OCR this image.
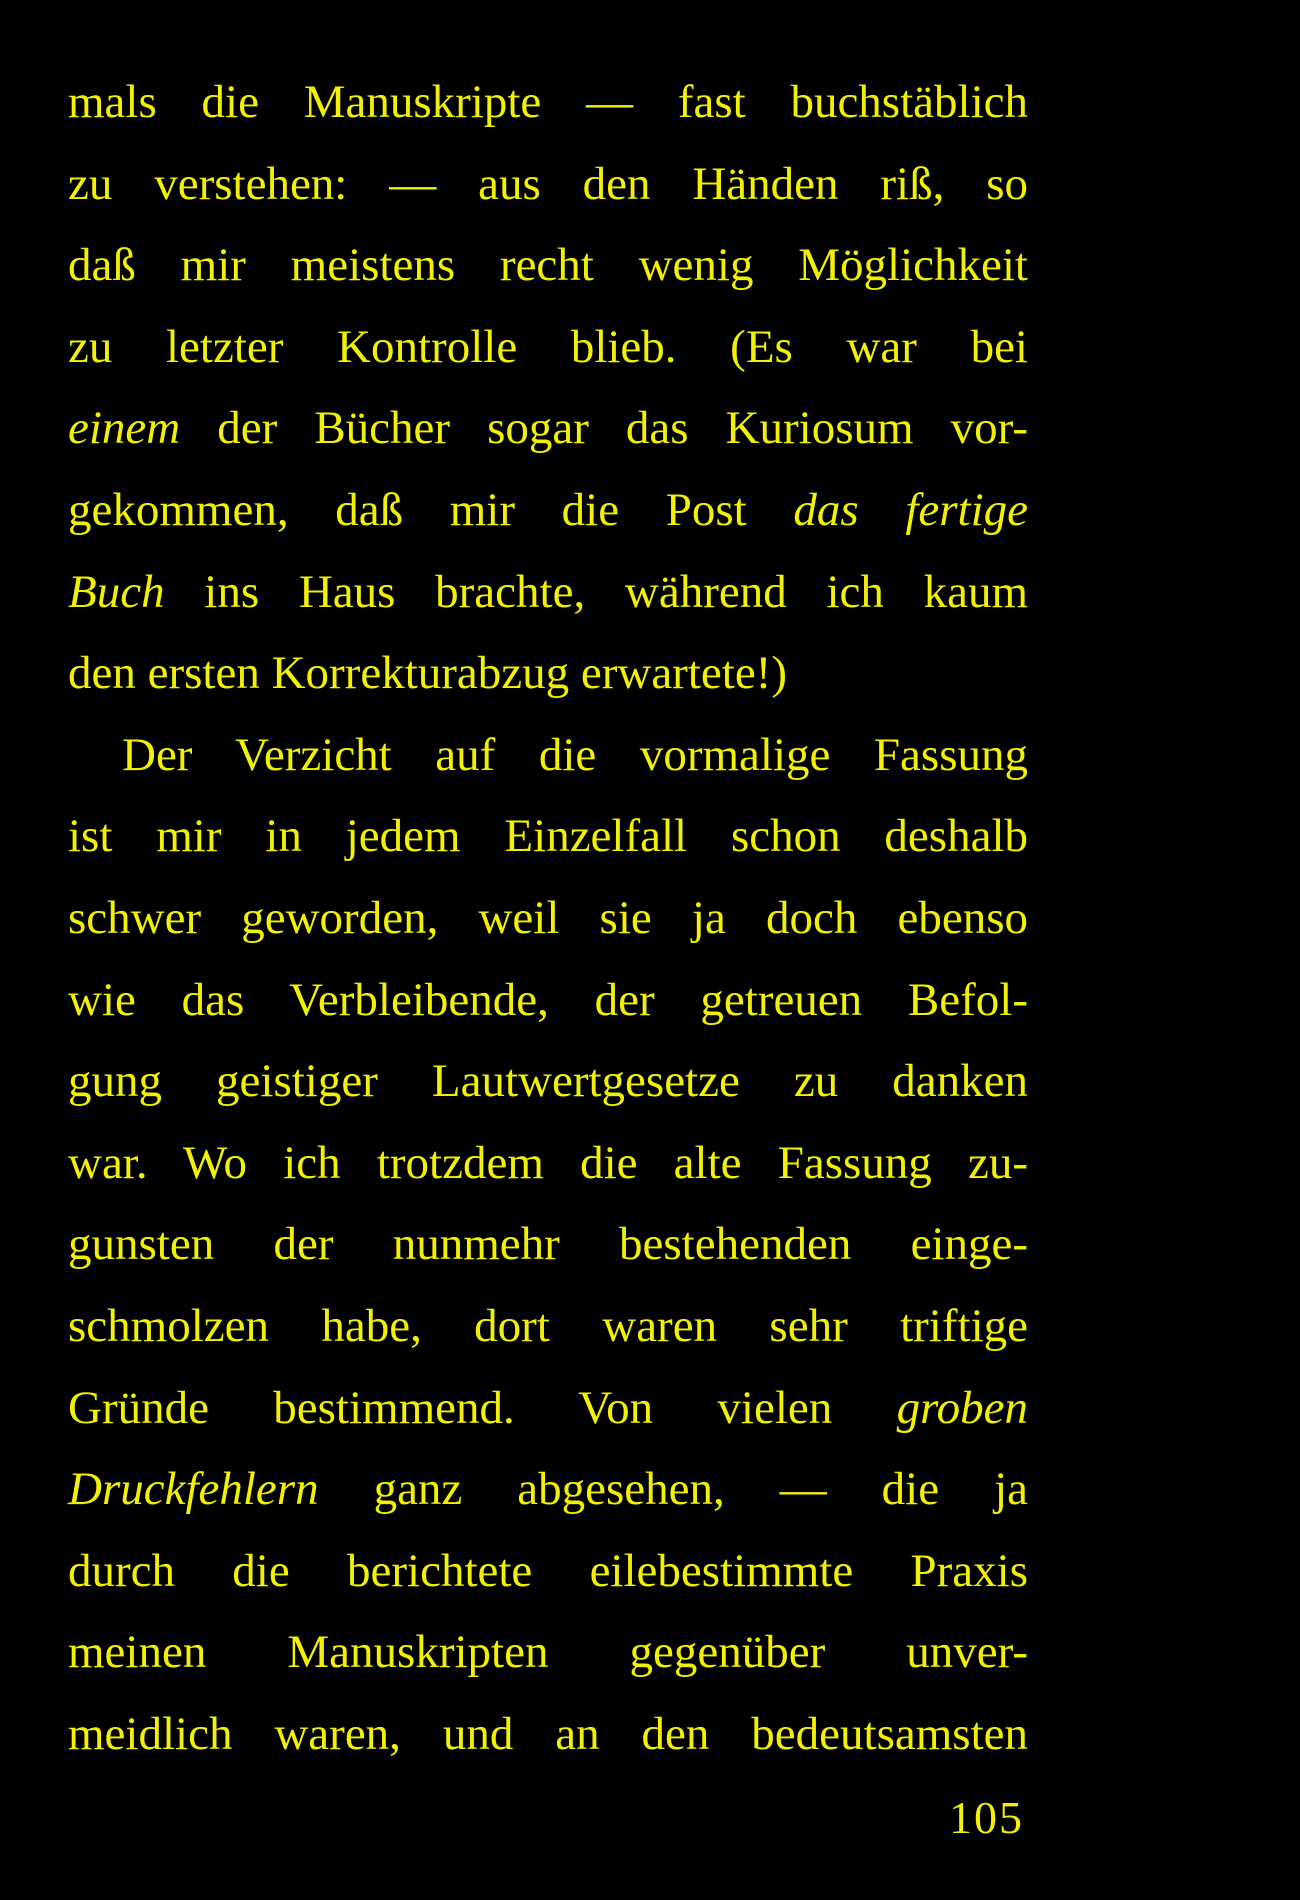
mals die Manuskripte — fast buchstäblich
zu verstehen: — aus den Händen riß, so
daß mir meistens recht wenig Möglichkeit
zu letzter Kontrolle blieb. (Es war bei
einem der Bücher sogar das Kuriosum vor-
gekommen, daß mir die Post das fertige
Buch ins Haus brachte, während ich kaum
den ersten Korrekturabzug erwartete!)
Der Verzicht auf die vormalige Fassung
ist mir in jedem Einzelfall schon deshalb
schwer geworden, weil sie ja doch ebenso
wie das Verbleibende, der getreuen Befol-
gung geistiger Lautwertgesetze zu danken
war. Wo ich trotzdem die alte Fassung zu-
gunsten der nunmehr bestehenden einge-
schmolzen habe, dort waren sehr triftige
Gründe bestimmend. Von vielen groben
Druckfehlern ganz abgesehen, — die ja
durch die berichtete eilebestimmte Praxis
meinen Manuskripten gegenüber unver-
meidlich waren, und an den bedeutsamsten
105
